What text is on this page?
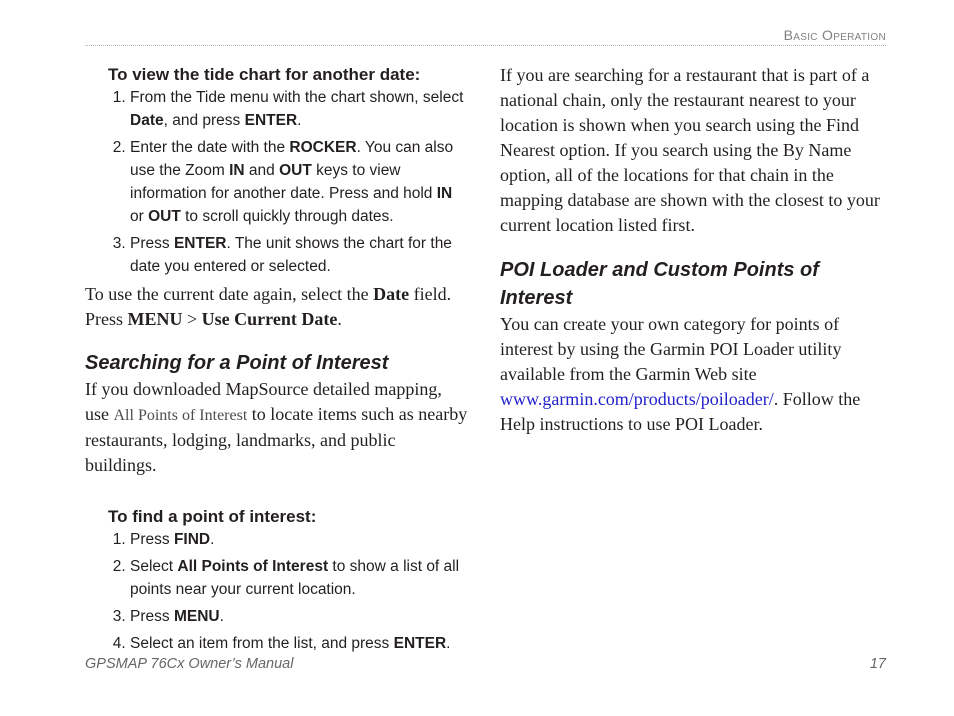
Basic Operation

To view the tide chart for another date:

1. From the Tide menu with the chart shown, select Date, and press ENTER.
2. Enter the date with the ROCKER. You can also use the Zoom IN and OUT keys to view information for another date. Press and hold IN or OUT to scroll quickly through dates.
3. Press ENTER. The unit shows the chart for the date you entered or selected.

To use the current date again, select the Date field. Press MENU > Use Current Date.

Searching for a Point of Interest

If you downloaded MapSource detailed mapping, use All Points of Interest to locate items such as nearby restaurants, lodging, landmarks, and public buildings.

To find a point of interest:

1. Press FIND.
2. Select All Points of Interest to show a list of all points near your current location.
3. Press MENU.
4. Select an item from the list, and press ENTER.

If you are searching for a restaurant that is part of a national chain, only the restaurant nearest to your location is shown when you search using the Find Nearest option. If you search using the By Name option, all of the locations for that chain in the mapping database are shown with the closest to your current location listed first.

POI Loader and Custom Points of Interest

You can create your own category for points of interest by using the Garmin POI Loader utility available from the Garmin Web site www.garmin.com/products/poiloader/. Follow the Help instructions to use POI Loader.

GPSMAP 76Cx Owner’s Manual	17
